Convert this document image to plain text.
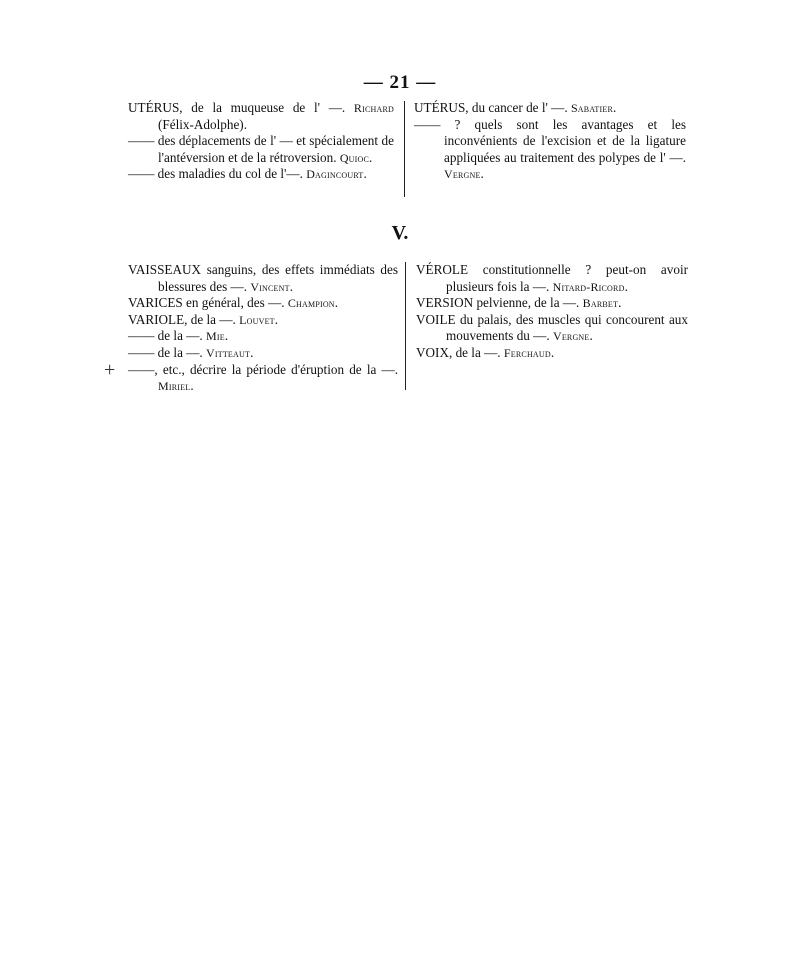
— 21 —

UTÉRUS, de la muqueuse de l' —. Richard (Félix-Adolphe).

—— des déplacements de l' — et spécialement de l'antéversion et de la rétroversion. Quioc.

—— des maladies du col de l'—. Dagincourt.

UTÉRUS, du cancer de l' —. Sabatier.

—— ? quels sont les avantages et les inconvénients de l'excision et de la ligature appliquées au traitement des polypes de l' —. Vergne.

V.

VAISSEAUX sanguins, des effets immédiats des blessures des —. Vincent.

VARICES en général, des —. Champion.

VARIOLE, de la —. Louvet.

—— de la —. Mie.

—— de la —. Vitteaut.

——, etc., décrire la période d'éruption de la —. Miriel.

+

VÉROLE constitutionnelle ? peut-on avoir plusieurs fois la —. Nitard-Ricord.

VERSION pelvienne, de la —. Barbet.

VOILE du palais, des muscles qui concourent aux mouvements du —. Vergne.

VOIX, de la —. Ferchaud.
